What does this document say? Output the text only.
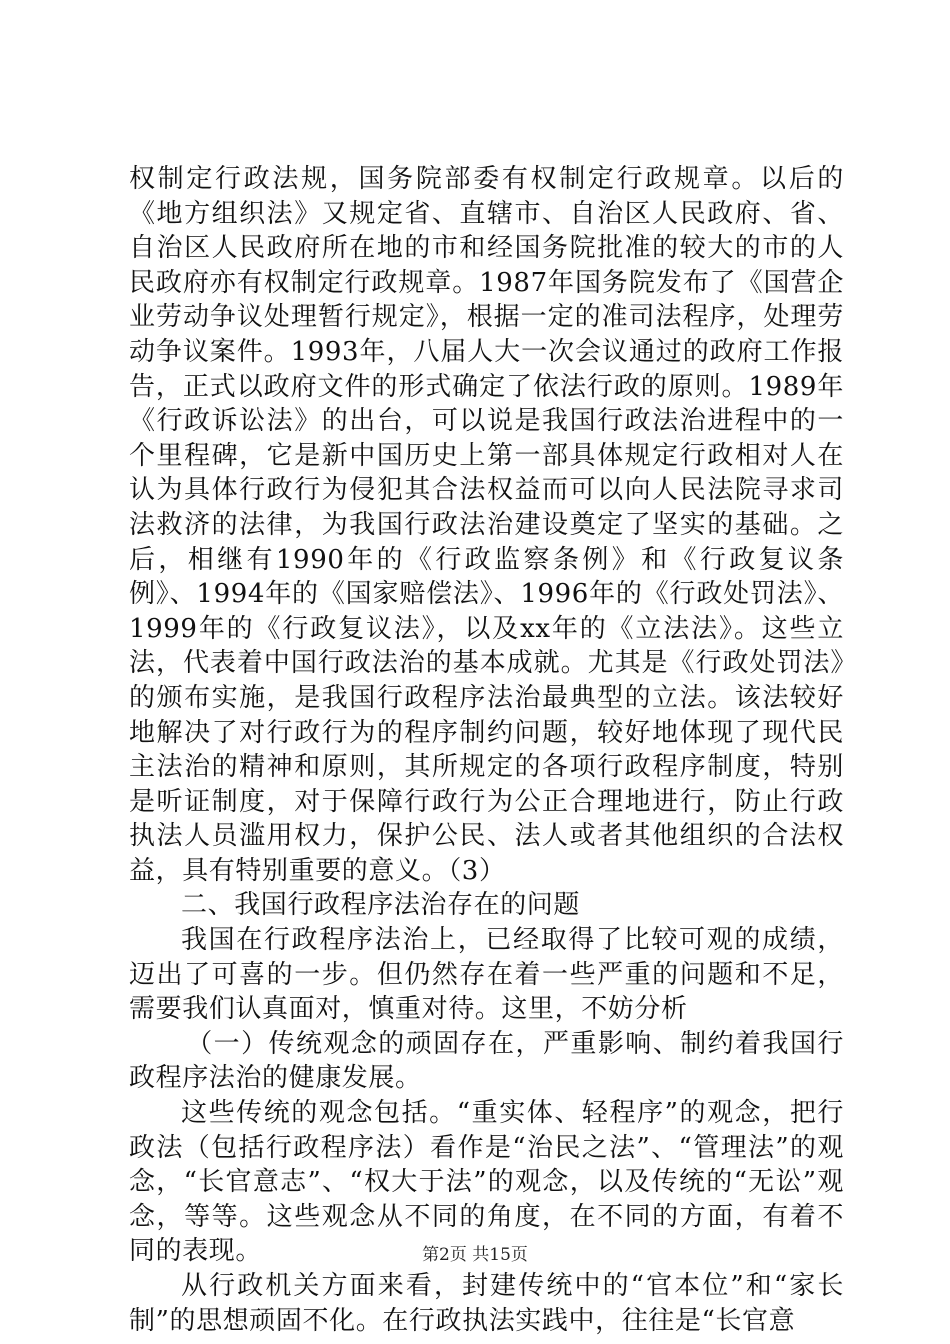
权制定行政法规，国务院部委有权制定行政规章。以后的《地方组织法》又规定省、直辖市、自治区人民政府、省、自治区人民政府所在地的市和经国务院批准的较大的市的人民政府亦有权制定行政规章。1987年国务院发布了《国营企业劳动争议处理暂行规定》，根据一定的准司法程序，处理劳动争议案件。1993年，八届人大一次会议通过的政府工作报告，正式以政府文件的形式确定了依法行政的原则。1989年《行政诉讼法》的出台，可以说是我国行政法治进程中的一个里程碑，它是新中国历史上第一部具体规定行政相对人在认为具体行政行为侵犯其合法权益而可以向人民法院寻求司法救济的法律，为我国行政法治建设奠定了坚实的基础。之后，相继有1990年的《行政监察条例》和《行政复议条例》、1994年的《国家赔偿法》、1996年的《行政处罚法》、1999年的《行政复议法》，以及xx年的《立法法》。这些立法，代表着中国行政法治的基本成就。尤其是《行政处罚法》的颁布实施，是我国行政程序法治最典型的立法。该法较好地解决了对行政行为的程序制约问题，较好地体现了现代民主法治的精神和原则，其所规定的各项行政程序制度，特别是听证制度，对于保障行政行为公正合理地进行，防止行政执法人员滥用权力，保护公民、法人或者其他组织的合法权益，具有特别重要的意义。（3）

二、我国行政程序法治存在的问题

我国在行政程序法治上，已经取得了比较可观的成绩，迈出了可喜的一步。但仍然存在着一些严重的问题和不足，需要我们认真面对，慎重对待。这里，不妨分析

（一）传统观念的顽固存在，严重影响、制约着我国行政程序法治的健康发展。

这些传统的观念包括。“重实体、轻程序”的观念，把行政法（包括行政程序法）看作是“治民之法”、“管理法”的观念，“长官意志”、“权大于法”的观念，以及传统的“无讼”观念，等等。这些观念从不同的角度，在不同的方面，有着不同的表现。

从行政机关方面来看，封建传统中的“官本位”和“家长制”的思想顽固不化。在行政执法实践中，往往是“长官意

第2页 共15页
